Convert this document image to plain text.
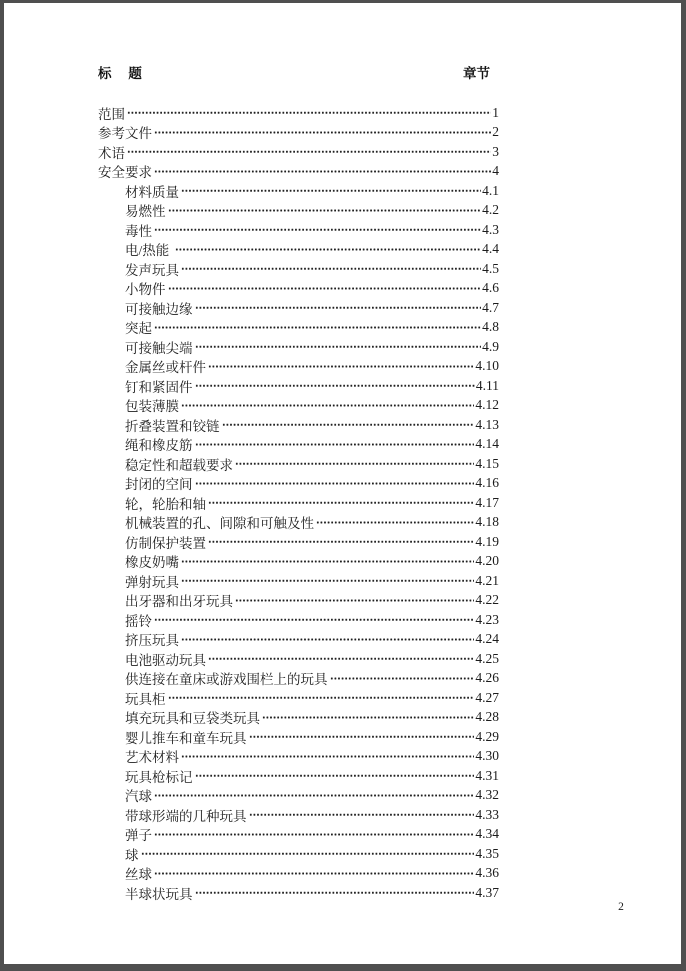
标　 题	章节
范围	1
参考文件	2
术语	3
安全要求	4
材料质量	4.1
易燃性	4.2
毒性	4.3
电/热能	4.4
发声玩具	4.5
小物件	4.6
可接触边缘	4.7
突起	4.8
可接触尖端	4.9
金属丝或杆件	4.10
钉和紧固件	4.11
包装薄膜	4.12
折叠装置和铰链	4.13
绳和橡皮筋	4.14
稳定性和超载要求	4.15
封闭的空间	4.16
轮，轮胎和轴	4.17
机械装置的孔、间隙和可触及性	4.18
仿制保护装置	4.19
橡皮奶嘴	4.20
弹射玩具	4.21
出牙器和出牙玩具	4.22
摇铃	4.23
挤压玩具	4.24
电池驱动玩具	4.25
供连接在童床或游戏围栏上的玩具	4.26
玩具柜	4.27
填充玩具和豆袋类玩具	4.28
婴儿推车和童车玩具	4.29
艺术材料	4.30
玩具枪标记	4.31
汽球	4.32
带球形端的几种玩具	4.33
弹子	4.34
球	4.35
丝球	4.36
半球状玩具	4.37
2
